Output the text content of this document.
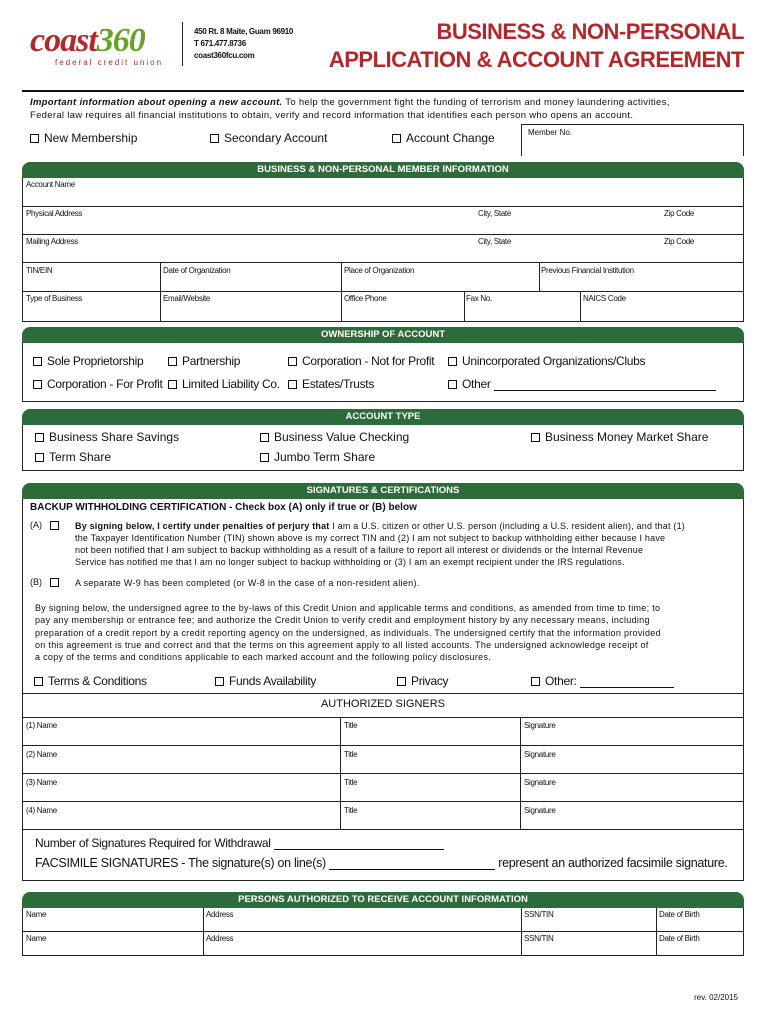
coast360
federal credit union
450 Rt. 8 Maite, Guam 96910
T 671.477.8736
coast360fcu.com
BUSINESS & NON-PERSONAL
APPLICATION & ACCOUNT AGREEMENT
Important information about opening a new account. To help the government fight the funding of terrorism and money laundering activities,
Federal law requires all financial institutions to obtain, verify and record information that identifies each person who opens an account.
New Membership	Secondary Account	Account Change	Member No.
BUSINESS & NON-PERSONAL MEMBER INFORMATION
Account Name
Physical Address	City, State	Zip Code
Mailing Address	City, State	Zip Code
TIN/EIN	Date of Organization	Place of Organization	Previous Financial Institution
Type of Business	Email/Website	Office Phone	Fax No.	NAICS Code
OWNERSHIP OF ACCOUNT
Sole Proprietorship	Partnership	Corporation - Not for Profit	Unincorporated Organizations/Clubs
Corporation - For Profit	Limited Liability Co.	Estates/Trusts	Other
ACCOUNT TYPE
Business Share Savings	Business Value Checking	Business Money Market Share
Term Share	Jumbo Term Share
SIGNATURES & CERTIFICATIONS
BACKUP WITHHOLDING CERTIFICATION - Check box (A) only if true or (B) below
(A)	By signing below, I certify under penalties of perjury that I am a U.S. citizen or other U.S. person (including a U.S. resident alien), and that (1)
the Taxpayer Identification Number (TIN) shown above is my correct TIN and (2) I am not subject to backup withholding either because I have
not been notified that I am subject to backup withholding as a result of a failure to report all interest or dividends or the Internal Revenue
Service has notified me that I am no longer subject to backup withholding or (3) I am an exempt recipient under the IRS regulations.
(B)	A separate W-9 has been completed (or W-8 in the case of a non-resident alien).
By signing below, the undersigned agree to the by-laws of this Credit Union and applicable terms and conditions, as amended from time to time; to
pay any membership or entrance fee; and authorize the Credit Union to verify credit and employment history by any necessary means, including
preparation of a credit report by a credit reporting agency on the undersigned, as individuals. The undersigned certify that the information provided
on this agreement is true and correct and that the terms on this agreement apply to all listed accounts. The undersigned acknowledge receipt of
a copy of the terms and conditions applicable to each marked account and the following policy disclosures.
Terms & Conditions	Funds Availability	Privacy	Other:
AUTHORIZED SIGNERS
(1) Name	Title	Signature
(2) Name	Title	Signature
(3) Name	Title	Signature
(4) Name	Title	Signature
Number of Signatures Required for Withdrawal
FACSIMILE SIGNATURES - The signature(s) on line(s)	represent an authorized facsimile signature.
PERSONS AUTHORIZED TO RECEIVE ACCOUNT INFORMATION
Name	Address	SSN/TIN	Date of Birth
Name	Address	SSN/TIN	Date of Birth
rev. 02/2015
